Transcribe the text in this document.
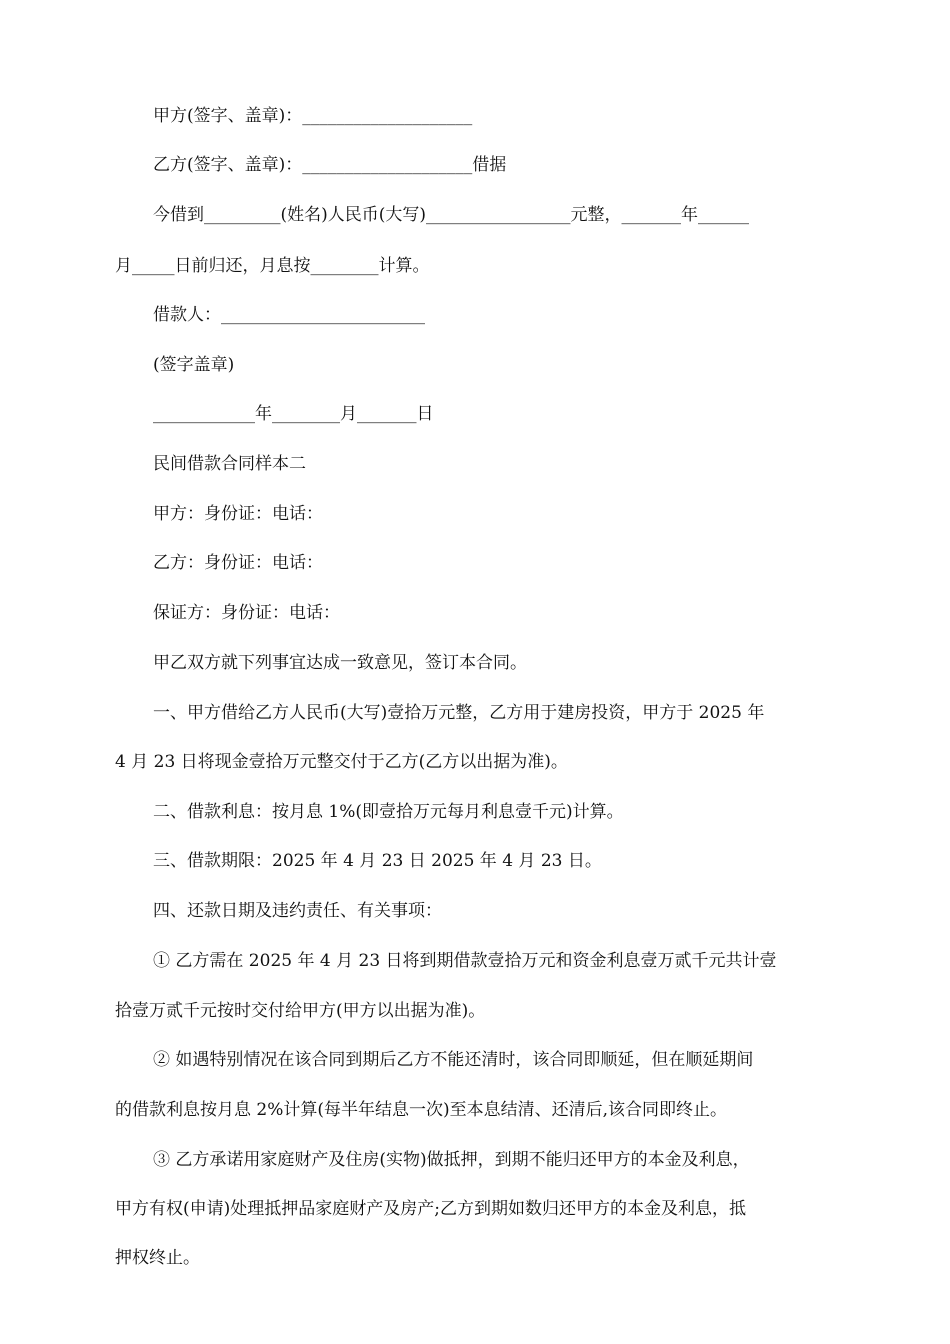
甲方(签字、盖章)：____________________
乙方(签字、盖章)：____________________借据
今借到_________(姓名)人民币(大写)_________________元整，_______年______
月_____日前归还，月息按________计算。
借款人：________________________
(签字盖章)
____________年________月_______日
民间借款合同样本二
甲方：身份证：电话：
乙方：身份证：电话：
保证方：身份证：电话：
甲乙双方就下列事宜达成一致意见，签订本合同。
一、甲方借给乙方人民币(大写)壹拾万元整，乙方用于建房投资，甲方于 2025 年
4 月 23 日将现金壹拾万元整交付于乙方(乙方以出据为准)。
二、借款利息：按月息 1%(即壹拾万元每月利息壹千元)计算。
三、借款期限：2025 年 4 月 23 日 2025 年 4 月 23 日。
四、还款日期及违约责任、有关事项：
① 乙方需在 2025 年 4 月 23 日将到期借款壹拾万元和资金利息壹万贰千元共计壹
拾壹万贰千元按时交付给甲方(甲方以出据为准)。
② 如遇特别情况在该合同到期后乙方不能还清时，该合同即顺延，但在顺延期间
的借款利息按月息 2%计算(每半年结息一次)至本息结清、还清后,该合同即终止。
③ 乙方承诺用家庭财产及住房(实物)做抵押，到期不能归还甲方的本金及利息，
甲方有权(申请)处理抵押品家庭财产及房产;乙方到期如数归还甲方的本金及利息，抵
押权终止。
